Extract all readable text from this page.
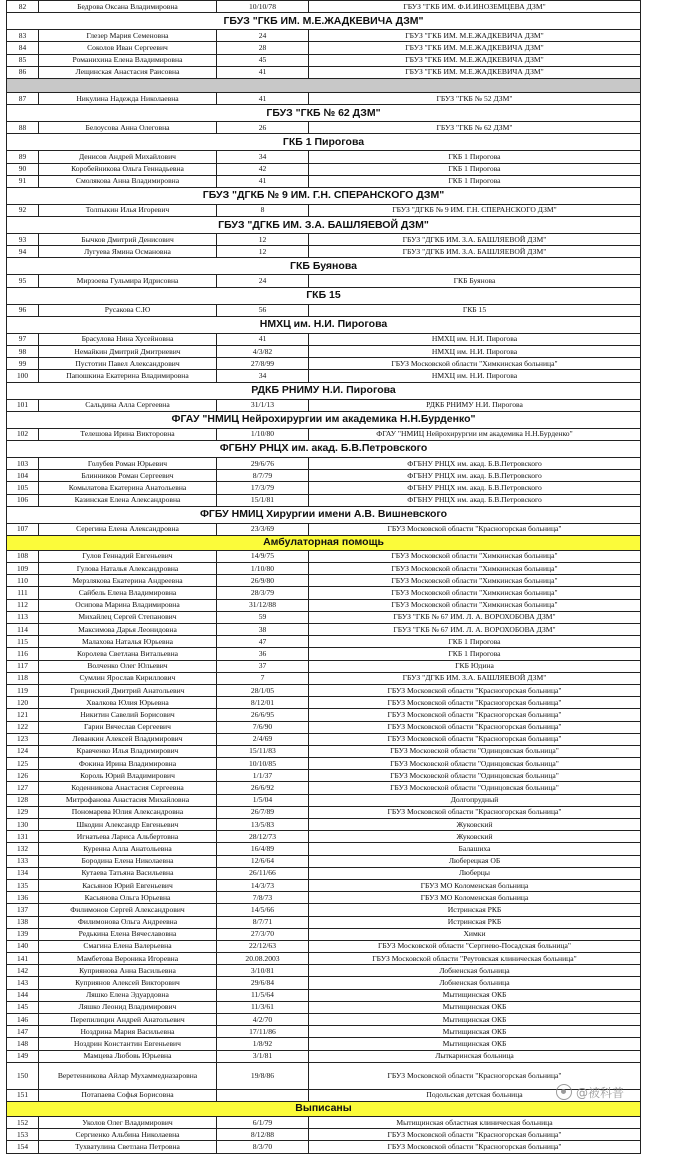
82	Бедрова Оксана Владимировна	10/10/78	ГБУЗ "ГКБ ИМ. Ф.И.ИНОЗЕМЦЕВА ДЗМ"
ГБУЗ "ГКБ ИМ. М.Е.ЖАДКЕВИЧА ДЗМ"			
83	Глезер Мария Семеновна	24	ГБУЗ "ГКБ ИМ. М.Е.ЖАДКЕВИЧА ДЗМ"
84	Соколов Иван Сергеевич	28	ГБУЗ "ГКБ ИМ. М.Е.ЖАДКЕВИЧА ДЗМ"
85	Романихина Елена Владимировна	45	ГБУЗ "ГКБ ИМ. М.Е.ЖАДКЕВИЧА ДЗМ"
86	Лещинская Анастасия Раисовна	41	ГБУЗ "ГКБ ИМ. М.Е.ЖАДКЕВИЧА ДЗМ"

87	Никулина Надежда Николаевна	41	ГБУЗ "ГКБ № 52 ДЗМ"
ГБУЗ "ГКБ № 62 ДЗМ"			
88	Белоусова Анна Олеговна	26	ГБУЗ "ГКБ № 62 ДЗМ"
ГКБ 1 Пирогова			
89	Денисов Андрей Михайлович	34	ГКБ 1 Пирогова
90	Коробейникова Ольга Геннадьевна	42	ГКБ 1 Пирогова
91	Смолякова Анна Владимировна	41	ГКБ 1 Пирогова
ГБУЗ "ДГКБ № 9 ИМ. Г.Н. СПЕРАНСКОГО ДЗМ"			
92	Толпыкин Илья Игоревич	8	ГБУЗ "ДГКБ № 9 ИМ. Г.Н. СПЕРАНСКОГО ДЗМ"
ГБУЗ "ДГКБ ИМ. З.А. БАШЛЯЕВОЙ ДЗМ"			
93	Бычков Дмитрий Денисович	12	ГБУЗ "ДГКБ ИМ. З.А. БАШЛЯЕВОЙ ДЗМ"
94	Лугуева Ямина Османовна	12	ГБУЗ "ДГКБ ИМ. З.А. БАШЛЯЕВОЙ ДЗМ"
ГКБ Буянова			
95	Мирзоева Гульмира Идрисовна	24	ГКБ Буянова
ГКБ 15			
96	Русакова С.Ю	56	ГКБ 15
НМХЦ им. Н.И. Пирогова			
97	Брасулова Нина Хусейновна	41	НМХЦ им. Н.И. Пирогова
98	Немайкин Дмитрий Дмитриевич	4/3/82	НМХЦ им. Н.И. Пирогова
99	Пустотин Павел Александрович	27/8/99	ГБУЗ Московской области "Химкинская больница"
100	Папошкина Екатерина Владимировна	34	НМХЦ им. Н.И. Пирогова
РДКБ РНИМУ Н.И. Пирогова			
101	Сальдина Алла Сергеевна	31/1/13	РДКБ РНИМУ Н.И. Пирогова
ФГАУ "НМИЦ Нейрохирургии им академика Н.Н.Бурденко"			
102	Телешова Ирина Викторовна	1/10/80	ФГАУ "НМИЦ Нейрохирургии им академика Н.Н.Бурденко"
ФГБНУ РНЦХ им. акад. Б.В.Петровского			
103	Голубев Роман Юрьевич	29/6/76	ФГБНУ РНЦХ им. акад. Б.В.Петровского
104	Блинников Роман Сергеевич	8/7/79	ФГБНУ РНЦХ им. акад. Б.В.Петровского
105	Комылатова Екатерина Анатольевна	17/3/79	ФГБНУ РНЦХ им. акад. Б.В.Петровского
106	Казинская Елена Александровна	15/1/81	ФГБНУ РНЦХ им. акад. Б.В.Петровского
ФГБУ НМИЦ Хирургии имени А.В. Вишневского			
107	Серегина Елена Александровна	23/3/69	ГБУЗ Московской области "Красногорская больница"
Амбулаторная помощь			
108	Гулов Геннадий Евгеньевич	14/9/75	ГБУЗ Московской области "Химкинская больница"
109	Гулова Наталья Александровна	1/10/80	ГБУЗ Московской области "Химкинская больница"
110	Мерзлякова Екатерина Андреевна	26/9/80	ГБУЗ Московской области "Химкинская больница"
111	Сайбель Елена Владимировна	28/3/79	ГБУЗ Московской области "Химкинская больница"
112	Осипова Марина Владимировна	31/12/88	ГБУЗ Московской области "Химкинская больница"
113	Михайлец Сергей Степанович	59	ГБУЗ "ГКБ № 67 ИМ. Л. А. ВОРОХОБОВА ДЗМ"
114	Максимова Дарья Леонидовна	38	ГБУЗ "ГКБ № 67 ИМ. Л. А. ВОРОХОБОВА ДЗМ"
115	Малахова Наталья Юрьевна	47	ГКБ 1 Пирогова
116	Королева Светлана Витальевна	36	ГКБ 1 Пирогова
117	Волченко Олег Юльевич	37	ГКБ Юдина
118	Сумлин Ярослав Кириллович	7	ГБУЗ "ДГКБ ИМ. З.А. БАШЛЯЕВОЙ ДЗМ"
119	Грицинский Дмитрий Анатольевич	28/1/05	ГБУЗ Московской области "Красногорская больница"
120	Хвалкова Юлия Юрьевна	8/12/01	ГБУЗ Московской области "Красногорская больница"
121	Никитин Савелий Борисович	26/6/95	ГБУЗ Московской области "Красногорская больница"
122	Гарин Вячеслав Сергеевич	7/6/90	ГБУЗ Московской области "Красногорская больница"
123	Леванкин Алексей Владимирович	2/4/69	ГБУЗ Московской области "Красногорская больница"
124	Кравченко Илья Владимирович	15/11/83	ГБУЗ Московской области "Одинцовская больница"
125	Фокина Ирина Владимировна	10/10/85	ГБУЗ Московской области "Одинцовская больница"
126	Король Юрий Владимирович	1/1/37	ГБУЗ Московской области "Одинцовская больница"
127	Коденникова Анастасия Сергеевна	26/6/92	ГБУЗ Московской области "Одинцовская больница"
128	Митрофанова Анастасия Михайловна	1/5/04	Долгопрудный
129	Пономарева Юлия Александровна	26/7/89	ГБУЗ Московской области "Красногорская больница"
130	Шкодин Александр Евгеньевич	13/5/83	Жуковский
131	Игнатьева Лариса Альбертовна	28/12/73	Жуковский
132	Куренна Алла Анатольевна	16/4/89	Балашиха
133	Бородина Елена Николаевна	12/6/64	Люберецкая ОБ
134	Кутаева Татьяна Васильевна	26/11/66	Люберцы
135	Касьянов Юрий Евгеньевич	14/3/73	ГБУЗ МО Коломенская больница
136	Касьянова Ольга Юрьевна	7/8/73	ГБУЗ МО Коломенская больница
137	Филимонов Сергей Александрович	14/5/66	Истринская РКБ
138	Филимонова Ольга Андреевна	8/7/71	Истринская РКБ
139	Редькина Елена Вячеславовна	27/3/70	Химки
140	Смагина Елена Валерьевна	22/12/63	ГБУЗ Московской области "Сергиево-Посадская больница"
141	Мамбетова Вероника Игоревна	20.08.2003	ГБУЗ Московской области "Реутовская клиническая больница"
142	Куприянова Анна Васильевна	3/10/81	Лобненская больница
143	Куприянов Алексей Викторович	29/6/84	Лобненская больница
144	Ляшко Елена Эдуардовна	11/5/64	Мытищинская ОКБ
145	Ляшко Леонид Владимирович	11/3/61	Мытищинская ОКБ
146	Перепилицин Андрей Анатольевич	4/2/70	Мытищинская ОКБ
147	Ноздрина Мария Васильевна	17/11/86	Мытищинская ОКБ
148	Ноздрин Константин Евгеньевич	1/8/92	Мытищинская ОКБ
149	Мамцева Любовь Юрьевна	3/1/81	Лыткаринская больница
150	Веретенникова Айлар Мухаммедназаровна	19/8/86	ГБУЗ Московской области "Красногорская больница"
151	Потапаева Софья Борисовна		Подольская детская больница
Выписаны			
152	Уколов Олег Владимирович	6/1/79	Мытищинская областная клиническая больница
153	Сергиенко Альбина Николаевна	8/12/88	ГБУЗ Московской области "Красногорская больница"
154	Тухватулина Светлана Петровна	8/3/70	ГБУЗ Московской области "Красногорская больница"
@被科普
